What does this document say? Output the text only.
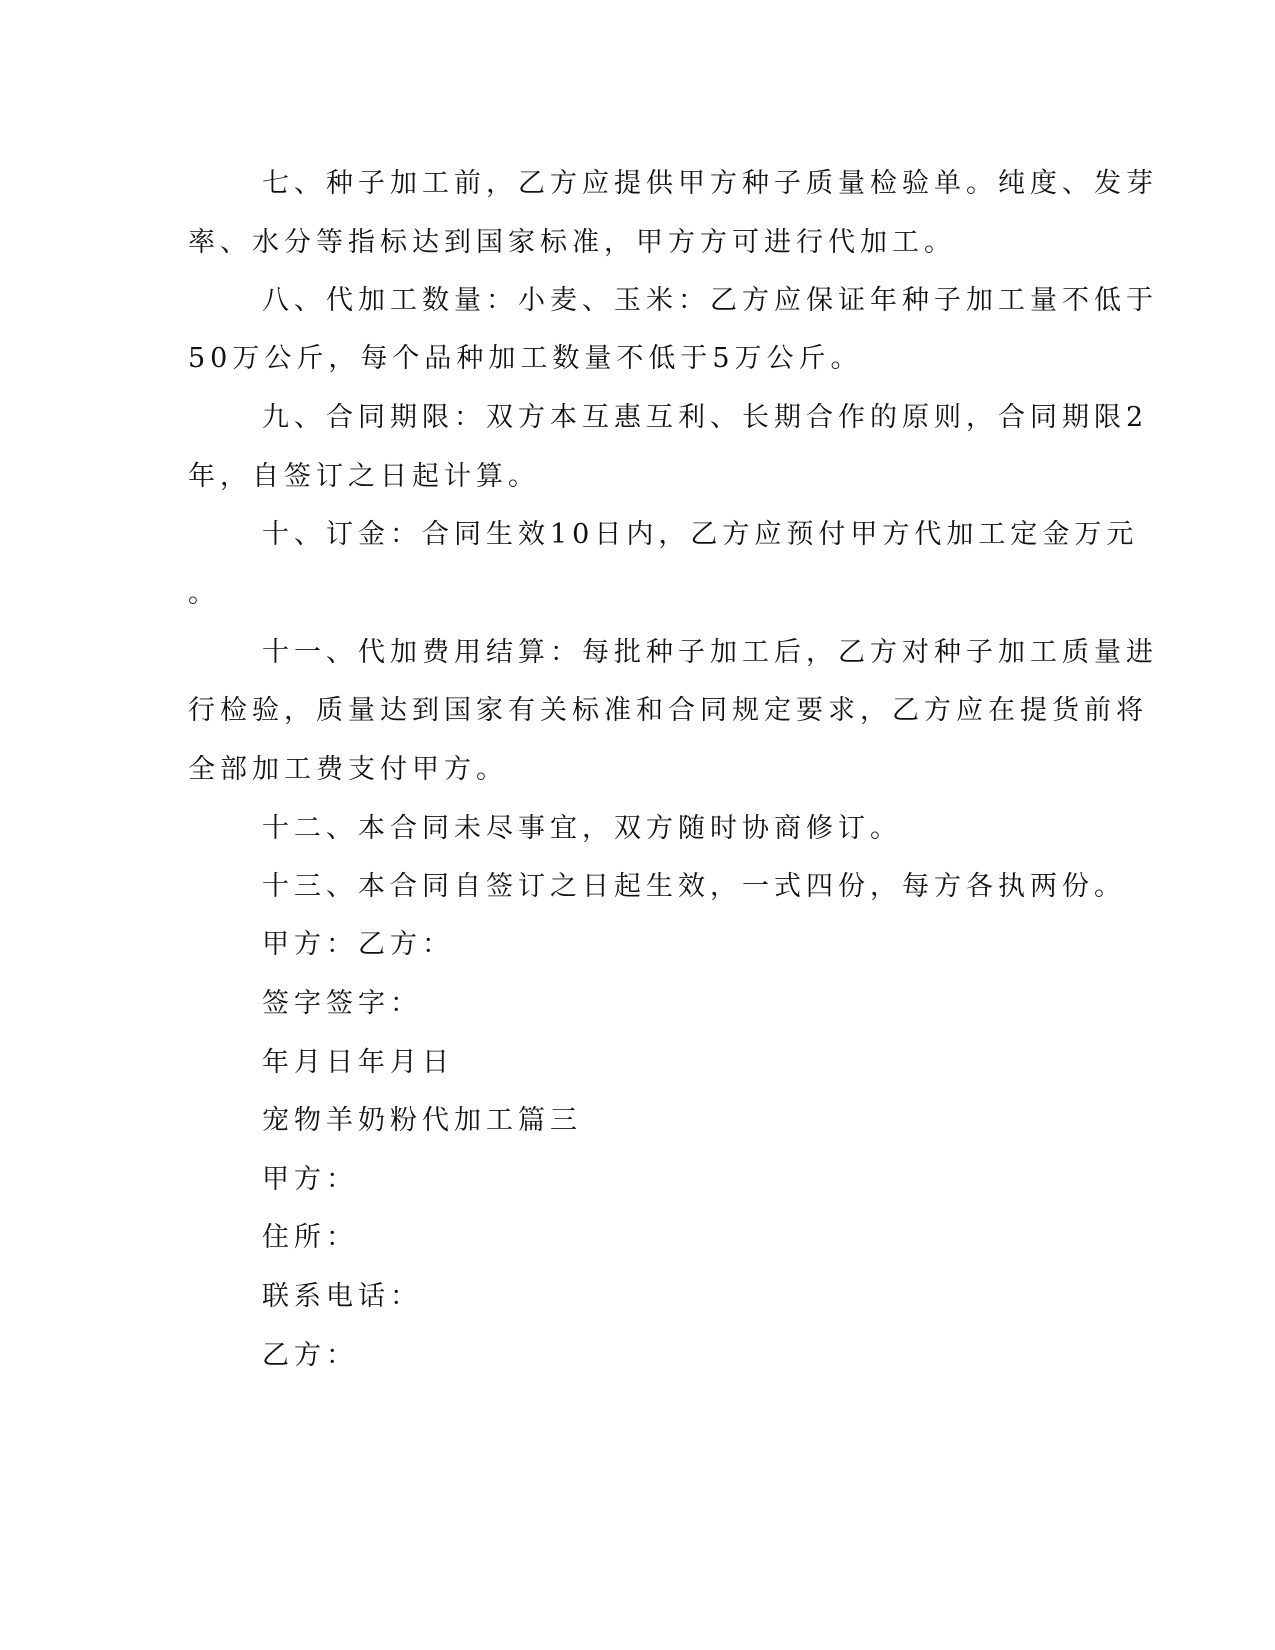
七、种子加工前，乙方应提供甲方种子质量检验单。纯度、发芽

率、水分等指标达到国家标准，甲方方可进行代加工。

八、代加工数量：小麦、玉米：乙方应保证年种子加工量不低于

50万公斤，每个品种加工数量不低于5万公斤。

九、合同期限：双方本互惠互利、长期合作的原则，合同期限2

年，自签订之日起计算。

十、订金：合同生效10日内，乙方应预付甲方代加工定金万元

。

十一、代加费用结算：每批种子加工后，乙方对种子加工质量进

行检验，质量达到国家有关标准和合同规定要求，乙方应在提货前将

全部加工费支付甲方。

十二、本合同未尽事宜，双方随时协商修订。

十三、本合同自签订之日起生效，一式四份，每方各执两份。

甲方：乙方：

签字签字：

年月日年月日

宠物羊奶粉代加工篇三

甲方：

住所：

联系电话：

乙方：
